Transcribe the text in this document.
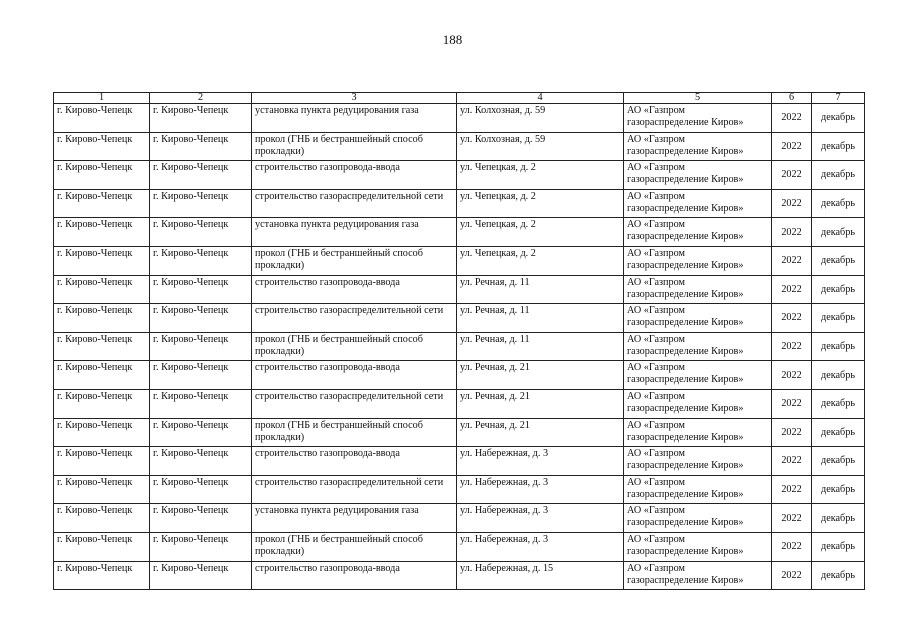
188
1	2	3	4	5	6	7
г. Кирово-Чепецк	г. Кирово-Чепецк	установка пункта редуцирования газа	ул. Колхозная, д. 59	АО «Газпром газораспределение Киров»	2022	декабрь
г. Кирово-Чепецк	г. Кирово-Чепецк	прокол (ГНБ и бестраншейный способ прокладки)	ул. Колхозная, д. 59	АО «Газпром газораспределение Киров»	2022	декабрь
г. Кирово-Чепецк	г. Кирово-Чепецк	строительство газопровода-ввода	ул. Чепецкая, д. 2	АО «Газпром газораспределение Киров»	2022	декабрь
г. Кирово-Чепецк	г. Кирово-Чепецк	строительство газораспределительной сети	ул. Чепецкая, д. 2	АО «Газпром газораспределение Киров»	2022	декабрь
г. Кирово-Чепецк	г. Кирово-Чепецк	установка пункта редуцирования газа	ул. Чепецкая, д. 2	АО «Газпром газораспределение Киров»	2022	декабрь
г. Кирово-Чепецк	г. Кирово-Чепецк	прокол (ГНБ и бестраншейный способ прокладки)	ул. Чепецкая, д. 2	АО «Газпром газораспределение Киров»	2022	декабрь
г. Кирово-Чепецк	г. Кирово-Чепецк	строительство газопровода-ввода	ул. Речная, д. 11	АО «Газпром газораспределение Киров»	2022	декабрь
г. Кирово-Чепецк	г. Кирово-Чепецк	строительство газораспределительной сети	ул. Речная, д. 11	АО «Газпром газораспределение Киров»	2022	декабрь
г. Кирово-Чепецк	г. Кирово-Чепецк	прокол (ГНБ и бестраншейный способ прокладки)	ул. Речная, д. 11	АО «Газпром газораспределение Киров»	2022	декабрь
г. Кирово-Чепецк	г. Кирово-Чепецк	строительство газопровода-ввода	ул. Речная, д. 21	АО «Газпром газораспределение Киров»	2022	декабрь
г. Кирово-Чепецк	г. Кирово-Чепецк	строительство газораспределительной сети	ул. Речная, д. 21	АО «Газпром газораспределение Киров»	2022	декабрь
г. Кирово-Чепецк	г. Кирово-Чепецк	прокол (ГНБ и бестраншейный способ прокладки)	ул. Речная, д. 21	АО «Газпром газораспределение Киров»	2022	декабрь
г. Кирово-Чепецк	г. Кирово-Чепецк	строительство газопровода-ввода	ул. Набережная, д. 3	АО «Газпром газораспределение Киров»	2022	декабрь
г. Кирово-Чепецк	г. Кирово-Чепецк	строительство газораспределительной сети	ул. Набережная, д. 3	АО «Газпром газораспределение Киров»	2022	декабрь
г. Кирово-Чепецк	г. Кирово-Чепецк	установка пункта редуцирования газа	ул. Набережная, д. 3	АО «Газпром газораспределение Киров»	2022	декабрь
г. Кирово-Чепецк	г. Кирово-Чепецк	прокол (ГНБ и бестраншейный способ прокладки)	ул. Набережная, д. 3	АО «Газпром газораспределение Киров»	2022	декабрь
г. Кирово-Чепецк	г. Кирово-Чепецк	строительство газопровода-ввода	ул. Набережная, д. 15	АО «Газпром газораспределение Киров»	2022	декабрь
